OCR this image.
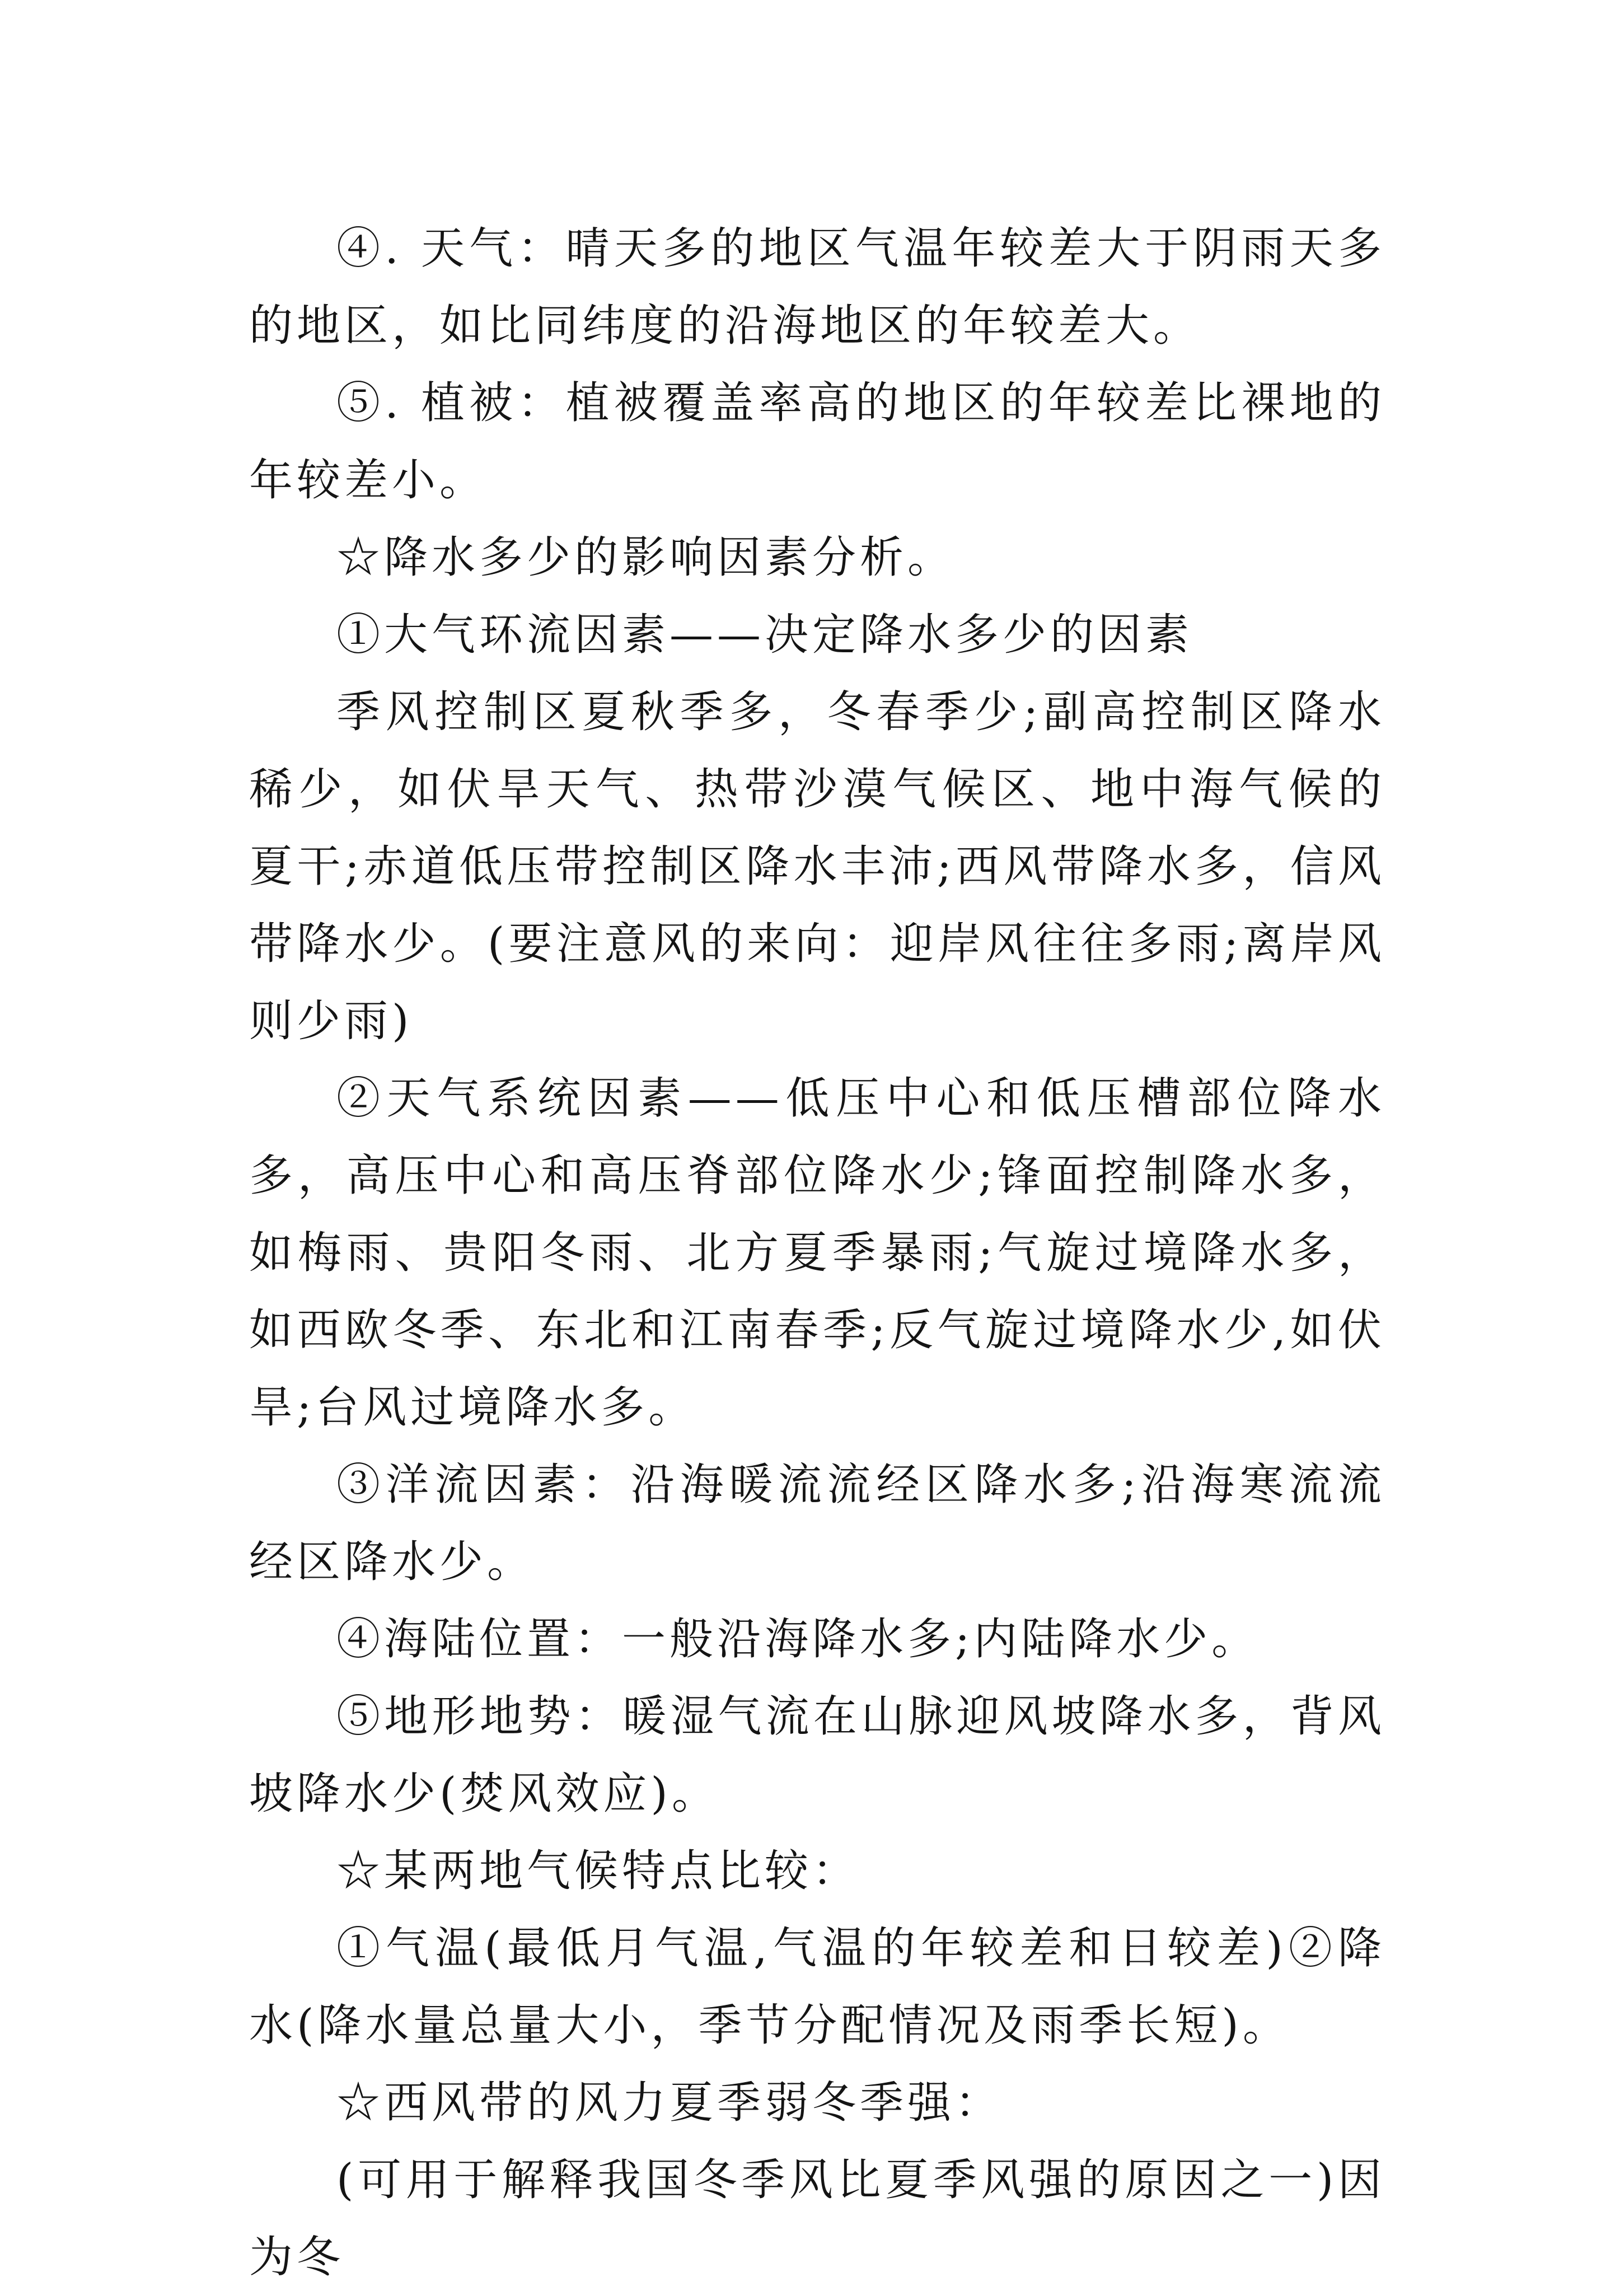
④. 天气：晴天多的地区气温年较差大于阴雨天多的地区，如比同纬度的沿海地区的年较差大。

⑤. 植被：植被覆盖率高的地区的年较差比裸地的年较差小。

☆降水多少的影响因素分析。

①大气环流因素——决定降水多少的因素

季风控制区夏秋季多，冬春季少;副高控制区降水稀少，如伏旱天气、热带沙漠气候区、地中海气候的夏干;赤道低压带控制区降水丰沛;西风带降水多，信风带降水少。(要注意风的来向：迎岸风往往多雨;离岸风则少雨)

②天气系统因素——低压中心和低压槽部位降水多，高压中心和高压脊部位降水少;锋面控制降水多，如梅雨、贵阳冬雨、北方夏季暴雨;气旋过境降水多，如西欧冬季、东北和江南春季;反气旋过境降水少,如伏旱;台风过境降水多。

③洋流因素：沿海暖流流经区降水多;沿海寒流流经区降水少。

④海陆位置：一般沿海降水多;内陆降水少。

⑤地形地势：暖湿气流在山脉迎风坡降水多，背风坡降水少(焚风效应)。

☆某两地气候特点比较：

①气温(最低月气温,气温的年较差和日较差)②降水(降水量总量大小，季节分配情况及雨季长短)。

☆西风带的风力夏季弱冬季强：

(可用于解释我国冬季风比夏季风强的原因之一)因为冬
